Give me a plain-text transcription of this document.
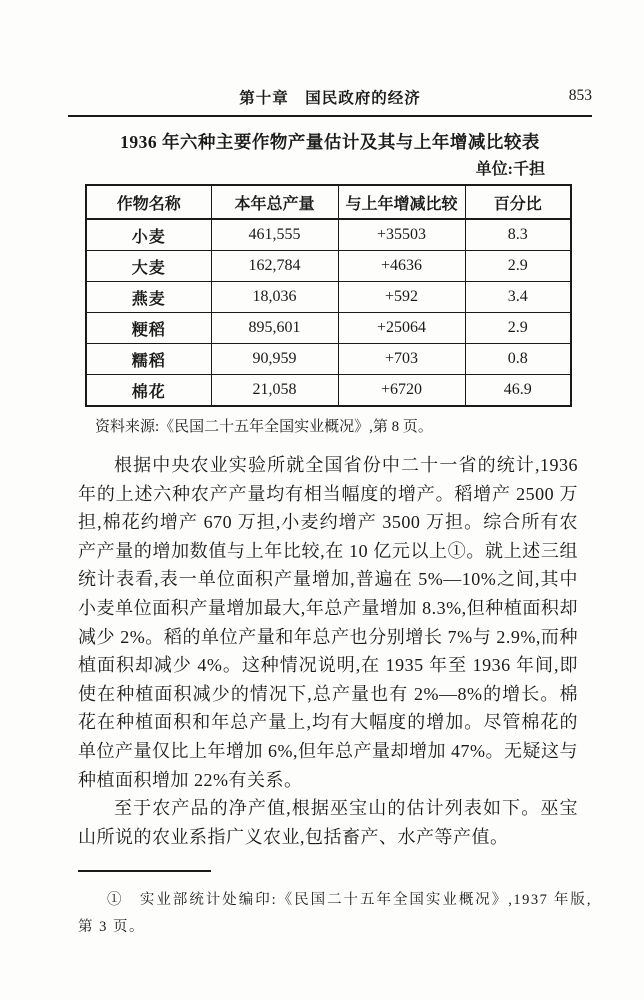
第十章　国民政府的经济	853
1936 年六种主要作物产量估计及其与上年增减比较表
单位:千担
作物名称	本年总产量	与上年增减比较	百分比
小麦	461,555	+35503	8.3
大麦	162,784	+4636	2.9
燕麦	18,036	+592	3.4
粳稻	895,601	+25064	2.9
糯稻	90,959	+703	0.8
棉花	21,058	+6720	46.9
资料来源:《民国二十五年全国实业概况》,第 8 页。

根据中央农业实验所就全国省份中二十一省的统计,1936 年的上述六种农产产量均有相当幅度的增产。稻增产 2500 万担,棉花约增产 670 万担,小麦约增产 3500 万担。综合所有农产产量的增加数值与上年比较,在 10 亿元以上①。就上述三组统计表看,表一单位面积产量增加,普遍在 5%—10%之间,其中小麦单位面积产量增加最大,年总产量增加 8.3%,但种植面积却减少 2%。稻的单位产量和年总产也分别增长 7%与 2.9%,而种植面积却减少 4%。这种情况说明,在 1935 年至 1936 年间,即使在种植面积减少的情况下,总产量也有 2%—8%的增长。棉花在种植面积和年总产量上,均有大幅度的增加。尽管棉花的单位产量仅比上年增加 6%,但年总产量却增加 47%。无疑这与种植面积增加 22%有关系。

至于农产品的净产值,根据巫宝山的估计列表如下。巫宝山所说的农业系指广义农业,包括畜产、水产等产值。

①　实业部统计处编印:《民国二十五年全国实业概况》,1937 年版,第 3 页。
